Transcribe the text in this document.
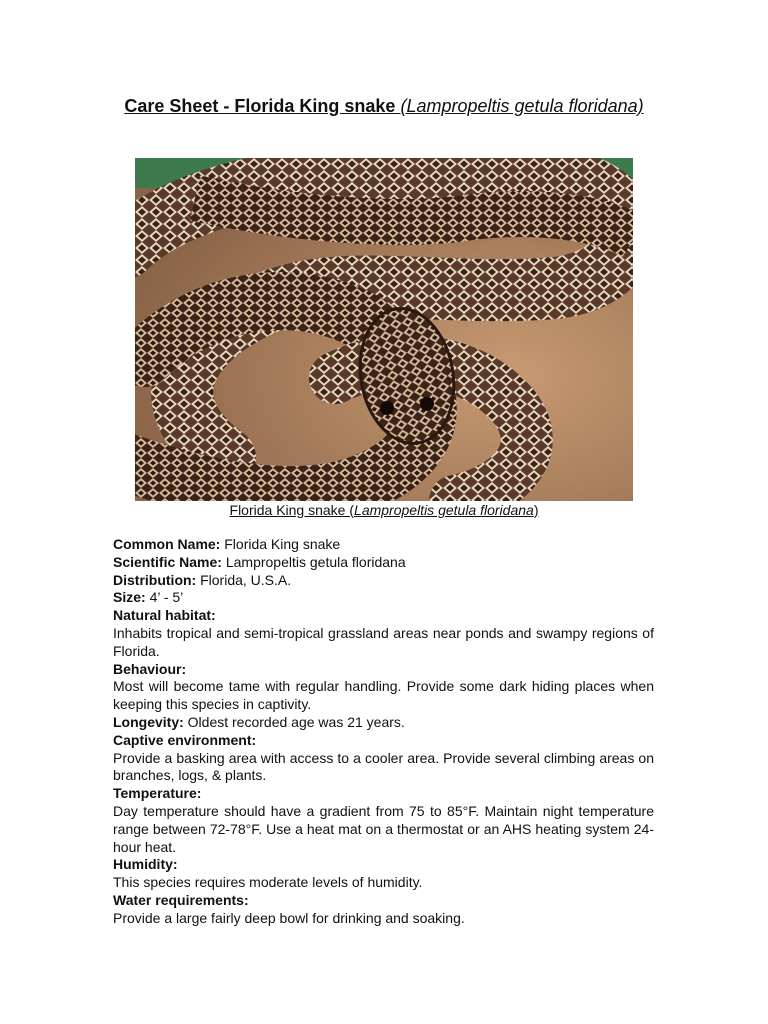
Care Sheet - Florida King snake (Lampropeltis getula floridana)
Florida King snake (Lampropeltis getula floridana)

Common Name: Florida King snake

Scientific Name: Lampropeltis getula floridana

Distribution: Florida, U.S.A.

Size: 4’ - 5’

Natural habitat:

Inhabits tropical and semi-tropical grassland areas near ponds and swampy regions of Florida.

Behaviour:

Most will become tame with regular handling. Provide some dark hiding places when keeping this species in captivity.

Longevity: Oldest recorded age was 21 years.

Captive environment:

Provide a basking area with access to a cooler area. Provide several climbing areas on branches, logs, & plants.

Temperature:

Day temperature should have a gradient from 75 to 85°F. Maintain night temperature range between 72-78°F. Use a heat mat on a thermostat or an AHS heating system 24-hour heat.

Humidity:

This species requires moderate levels of humidity.

Water requirements:

Provide a large fairly deep bowl for drinking and soaking.
